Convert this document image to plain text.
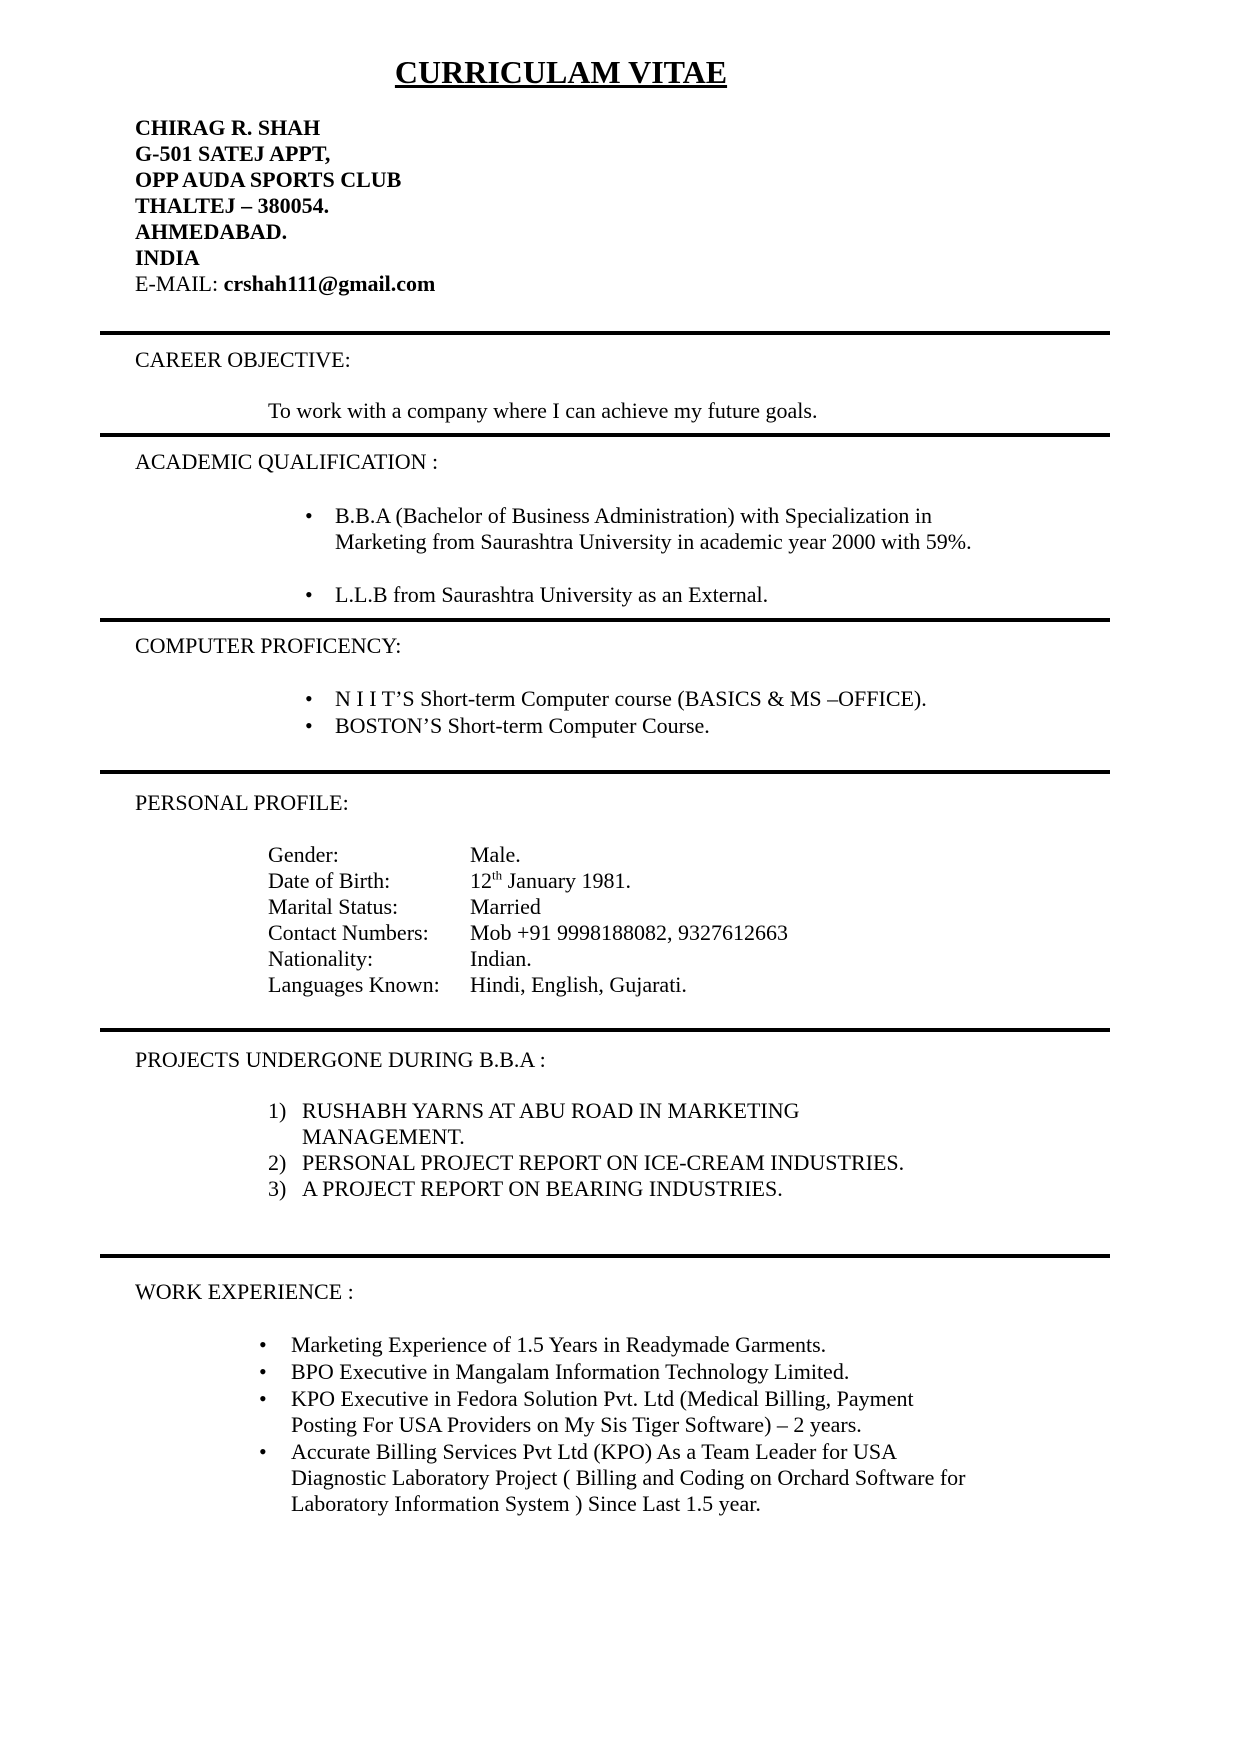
CURRICULAM VITAE
CHIRAG R. SHAH
G-501 SATEJ APPT,
OPP AUDA SPORTS CLUB
THALTEJ – 380054.
AHMEDABAD.
INDIA
E-MAIL: crshah111@gmail.com
CAREER OBJECTIVE:
To work with a company where I can achieve my future goals.
ACADEMIC QUALIFICATION :
• B.B.A (Bachelor of Business Administration) with Specialization in
Marketing from Saurashtra University in academic year 2000 with 59%.
• L.L.B from Saurashtra University as an External.
COMPUTER PROFICENCY:
• N I I T’S Short-term Computer course (BASICS & MS –OFFICE).
• BOSTON’S Short-term Computer Course.
PERSONAL PROFILE:
Gender:	Male.
Date of Birth:	12th January 1981.
Marital Status:	Married
Contact Numbers: Mob +91 9998188082, 9327612663
Nationality:	Indian.
Languages Known: Hindi, English, Gujarati.
PROJECTS UNDERGONE DURING B.B.A :
1) RUSHABH YARNS AT ABU ROAD IN MARKETING
MANAGEMENT.
2) PERSONAL PROJECT REPORT ON ICE-CREAM INDUSTRIES.
3) A PROJECT REPORT ON BEARING INDUSTRIES.
WORK EXPERIENCE :
• Marketing Experience of 1.5 Years in Readymade Garments.
• BPO Executive in Mangalam Information Technology Limited.
• KPO Executive in Fedora Solution Pvt. Ltd (Medical Billing, Payment
Posting For USA Providers on My Sis Tiger Software) – 2 years.
• Accurate Billing Services Pvt Ltd (KPO) As a Team Leader for USA
Diagnostic Laboratory Project ( Billing and Coding on Orchard Software for
Laboratory Information System ) Since Last 1.5 year.
